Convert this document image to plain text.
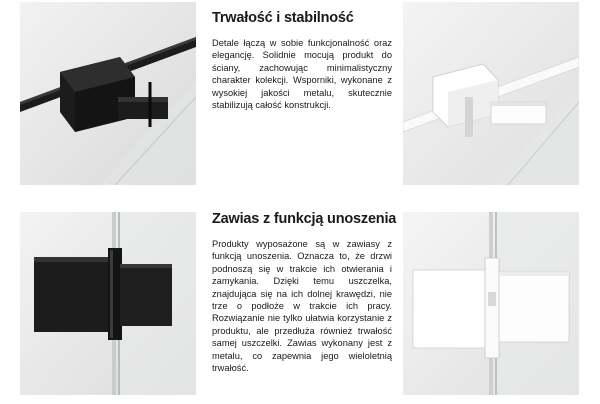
Trwałość i stabilność

Detale łączą w sobie funkcjonalność oraz elegancję. Solidnie mocują produkt do ściany, zachowując minimalistyczny charakter kolekcji. Wsporniki, wykonane z wysokiej jakości metalu, skutecznie stabilizują całość konstrukcji.

Zawias z funkcją unoszenia

Produkty wyposażone są w zawiasy z funkcją unoszenia. Oznacza to, że drzwi podnoszą się w trakcie ich otwierania i zamykania. Dzięki temu uszczelka, znajdująca się na ich dolnej krawędzi, nie trze o podłoże w trakcie ich pracy. Rozwiązanie nie tylko ułatwia korzystanie z produktu, ale przedłuża również trwałość samej uszczelki. Zawias wykonany jest z metalu, co zapewnia jego wieloletnią trwałość.
